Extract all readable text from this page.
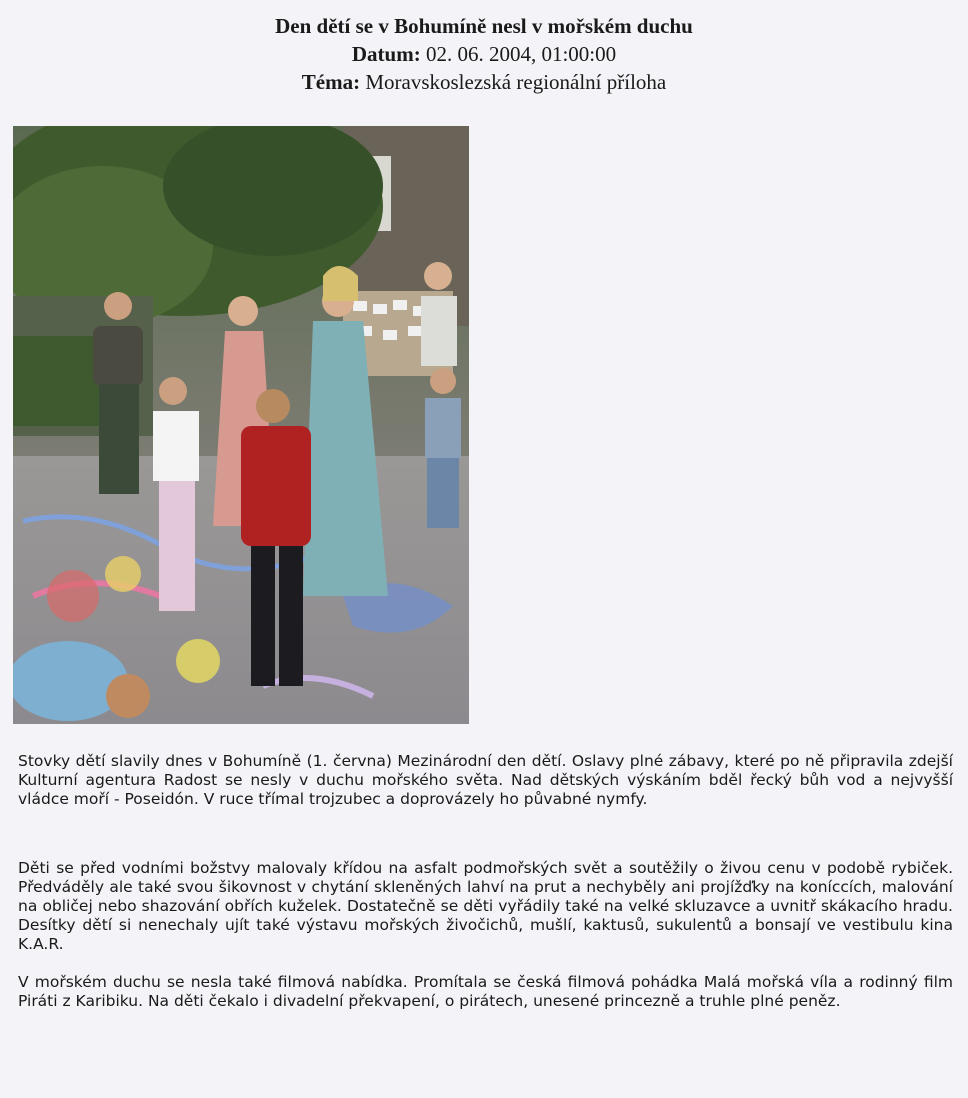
Den dětí se v Bohumíně nesl v mořském duchu
Datum: 02. 06. 2004, 01:00:00
Téma: Moravskoslezská regionální příloha

Stovky dětí slavily dnes v Bohumíně (1. června) Mezinárodní den dětí. Oslavy plné zábavy, které po ně připravila zdejší Kulturní agentura Radost se nesly v duchu mořského světa. Nad dětských výskáním bděl řecký bůh vod a nejvyšší vládce moří - Poseidón. V ruce třímal trojzubec a doprovázely ho půvabné nymfy.

Děti se před vodními božstvy malovaly křídou na asfalt podmořských svět a soutěžily o živou cenu v podobě rybiček. Předváděly ale také svou šikovnost v chytání skleněných lahví na prut a nechyběly ani projížďky na koníccích, malování na obličej nebo shazování obřích kuželek. Dostatečně se děti vyřádily také na velké skluzavce a uvnitř skákacího hradu. Desítky dětí si nenechaly ujít také výstavu mořských živočichů, mušlí, kaktusů, sukulentů a bonsají ve vestibulu kina K.A.R.

V mořském duchu se nesla také filmová nabídka. Promítala se česká filmová pohádka Malá mořská víla a rodinný film Piráti z Karibiku. Na děti čekalo i divadelní překvapení, o pirátech, unesené princezně a truhle plné peněz.
